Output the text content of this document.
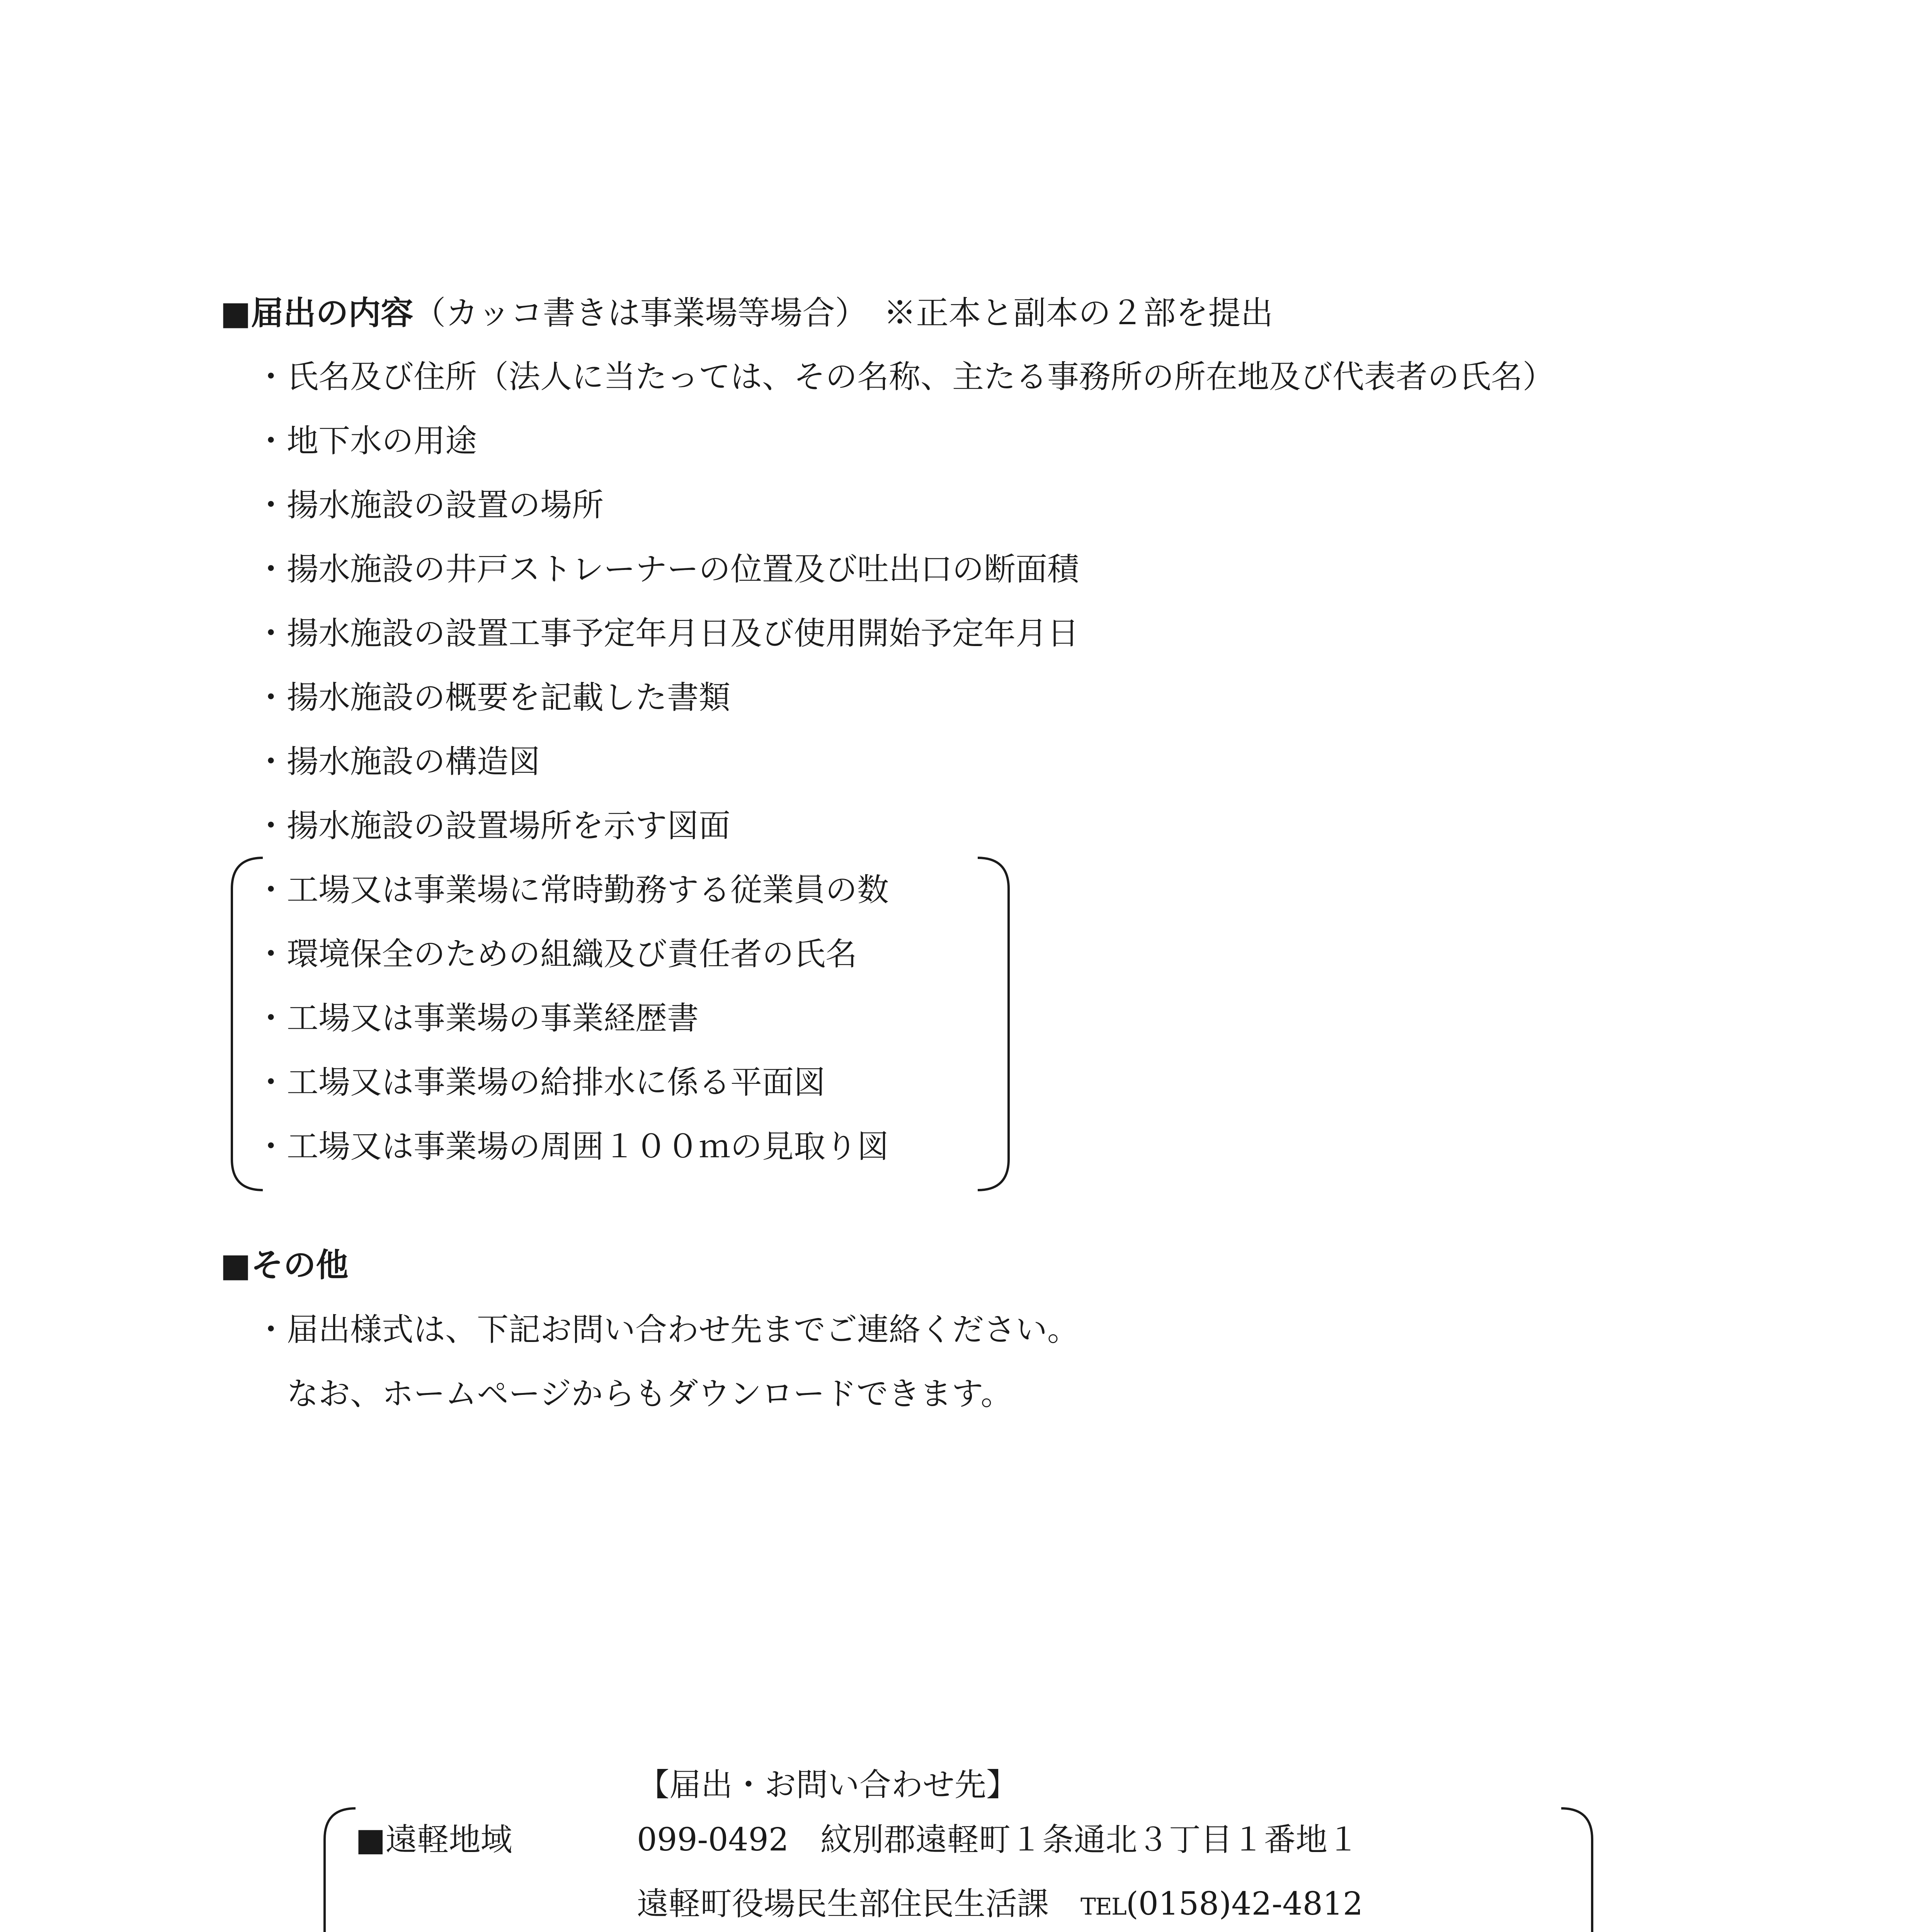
■届出の内容（カッコ書きは事業場等場合）　※正本と副本の２部を提出
・氏名及び住所（法人に当たっては、その名称、主たる事務所の所在地及び代表者の氏名）
・地下水の用途
・揚水施設の設置の場所
・揚水施設の井戸ストレーナーの位置及び吐出口の断面積
・揚水施設の設置工事予定年月日及び使用開始予定年月日
・揚水施設の概要を記載した書類
・揚水施設の構造図
・揚水施設の設置場所を示す図面
・工場又は事業場に常時勤務する従業員の数
・環境保全のための組織及び責任者の氏名
・工場又は事業場の事業経歴書
・工場又は事業場の給排水に係る平面図
・工場又は事業場の周囲１００ｍの見取り図
■その他
・届出様式は、下記お問い合わせ先までご連絡ください。
なお、ホームページからもダウンロードできます。
【届出・お問い合わせ先】
■遠軽地域	099-0492　紋別郡遠軽町１条通北３丁目１番地１
遠軽町役場民生部住民生活課　TEL(0158)42-4812
